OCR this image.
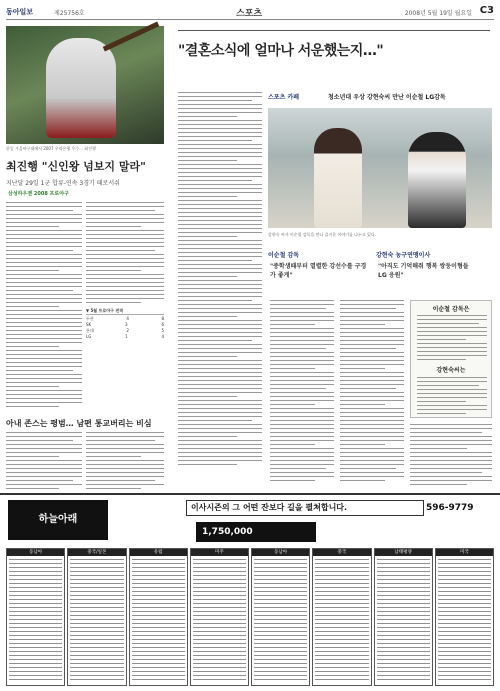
동아일보	제25756호	스포츠	2008년 5월 19일 월요일 C3
한일 가을야구대에서 2007 우리은행 우수... 최진행
최진행 "신인왕 넘보지 말라"
지난달 29일 1군 합류-연속 3경기 때로서쉬
삼성하우젠 2008 프로야구
▼ 5월 프로야구 전적
두산	4	8
SK	3	6
롯데	2	5
LG	1	4
아내 존스는 평범… 남편 통교버리는 비심
"결혼소식에 얼마나 서운했는지…"
스포츠 카페	청소년대 우상 강현숙씨 만난 이순철 LG감독
강현숙 씨가 이순철 감독을 만나 즐거운 이야기를 나누고 있다.
이순철 감독	강현숙 농구연맹이사
"중학생때부터 열렬한 강선수를 구경가 좋게"
"아직도 기억해줘 행복 쌍둥이형들 LG 응원"
이순철 감독은
강현숙씨는
하늘아래
이사시즌의 그 어떤 잔보다 길을 펼쳐합니다.	596-9779
1,750,000
동남아	중국/일본	유럽	미주	동남아	중국	남태평양	미국
